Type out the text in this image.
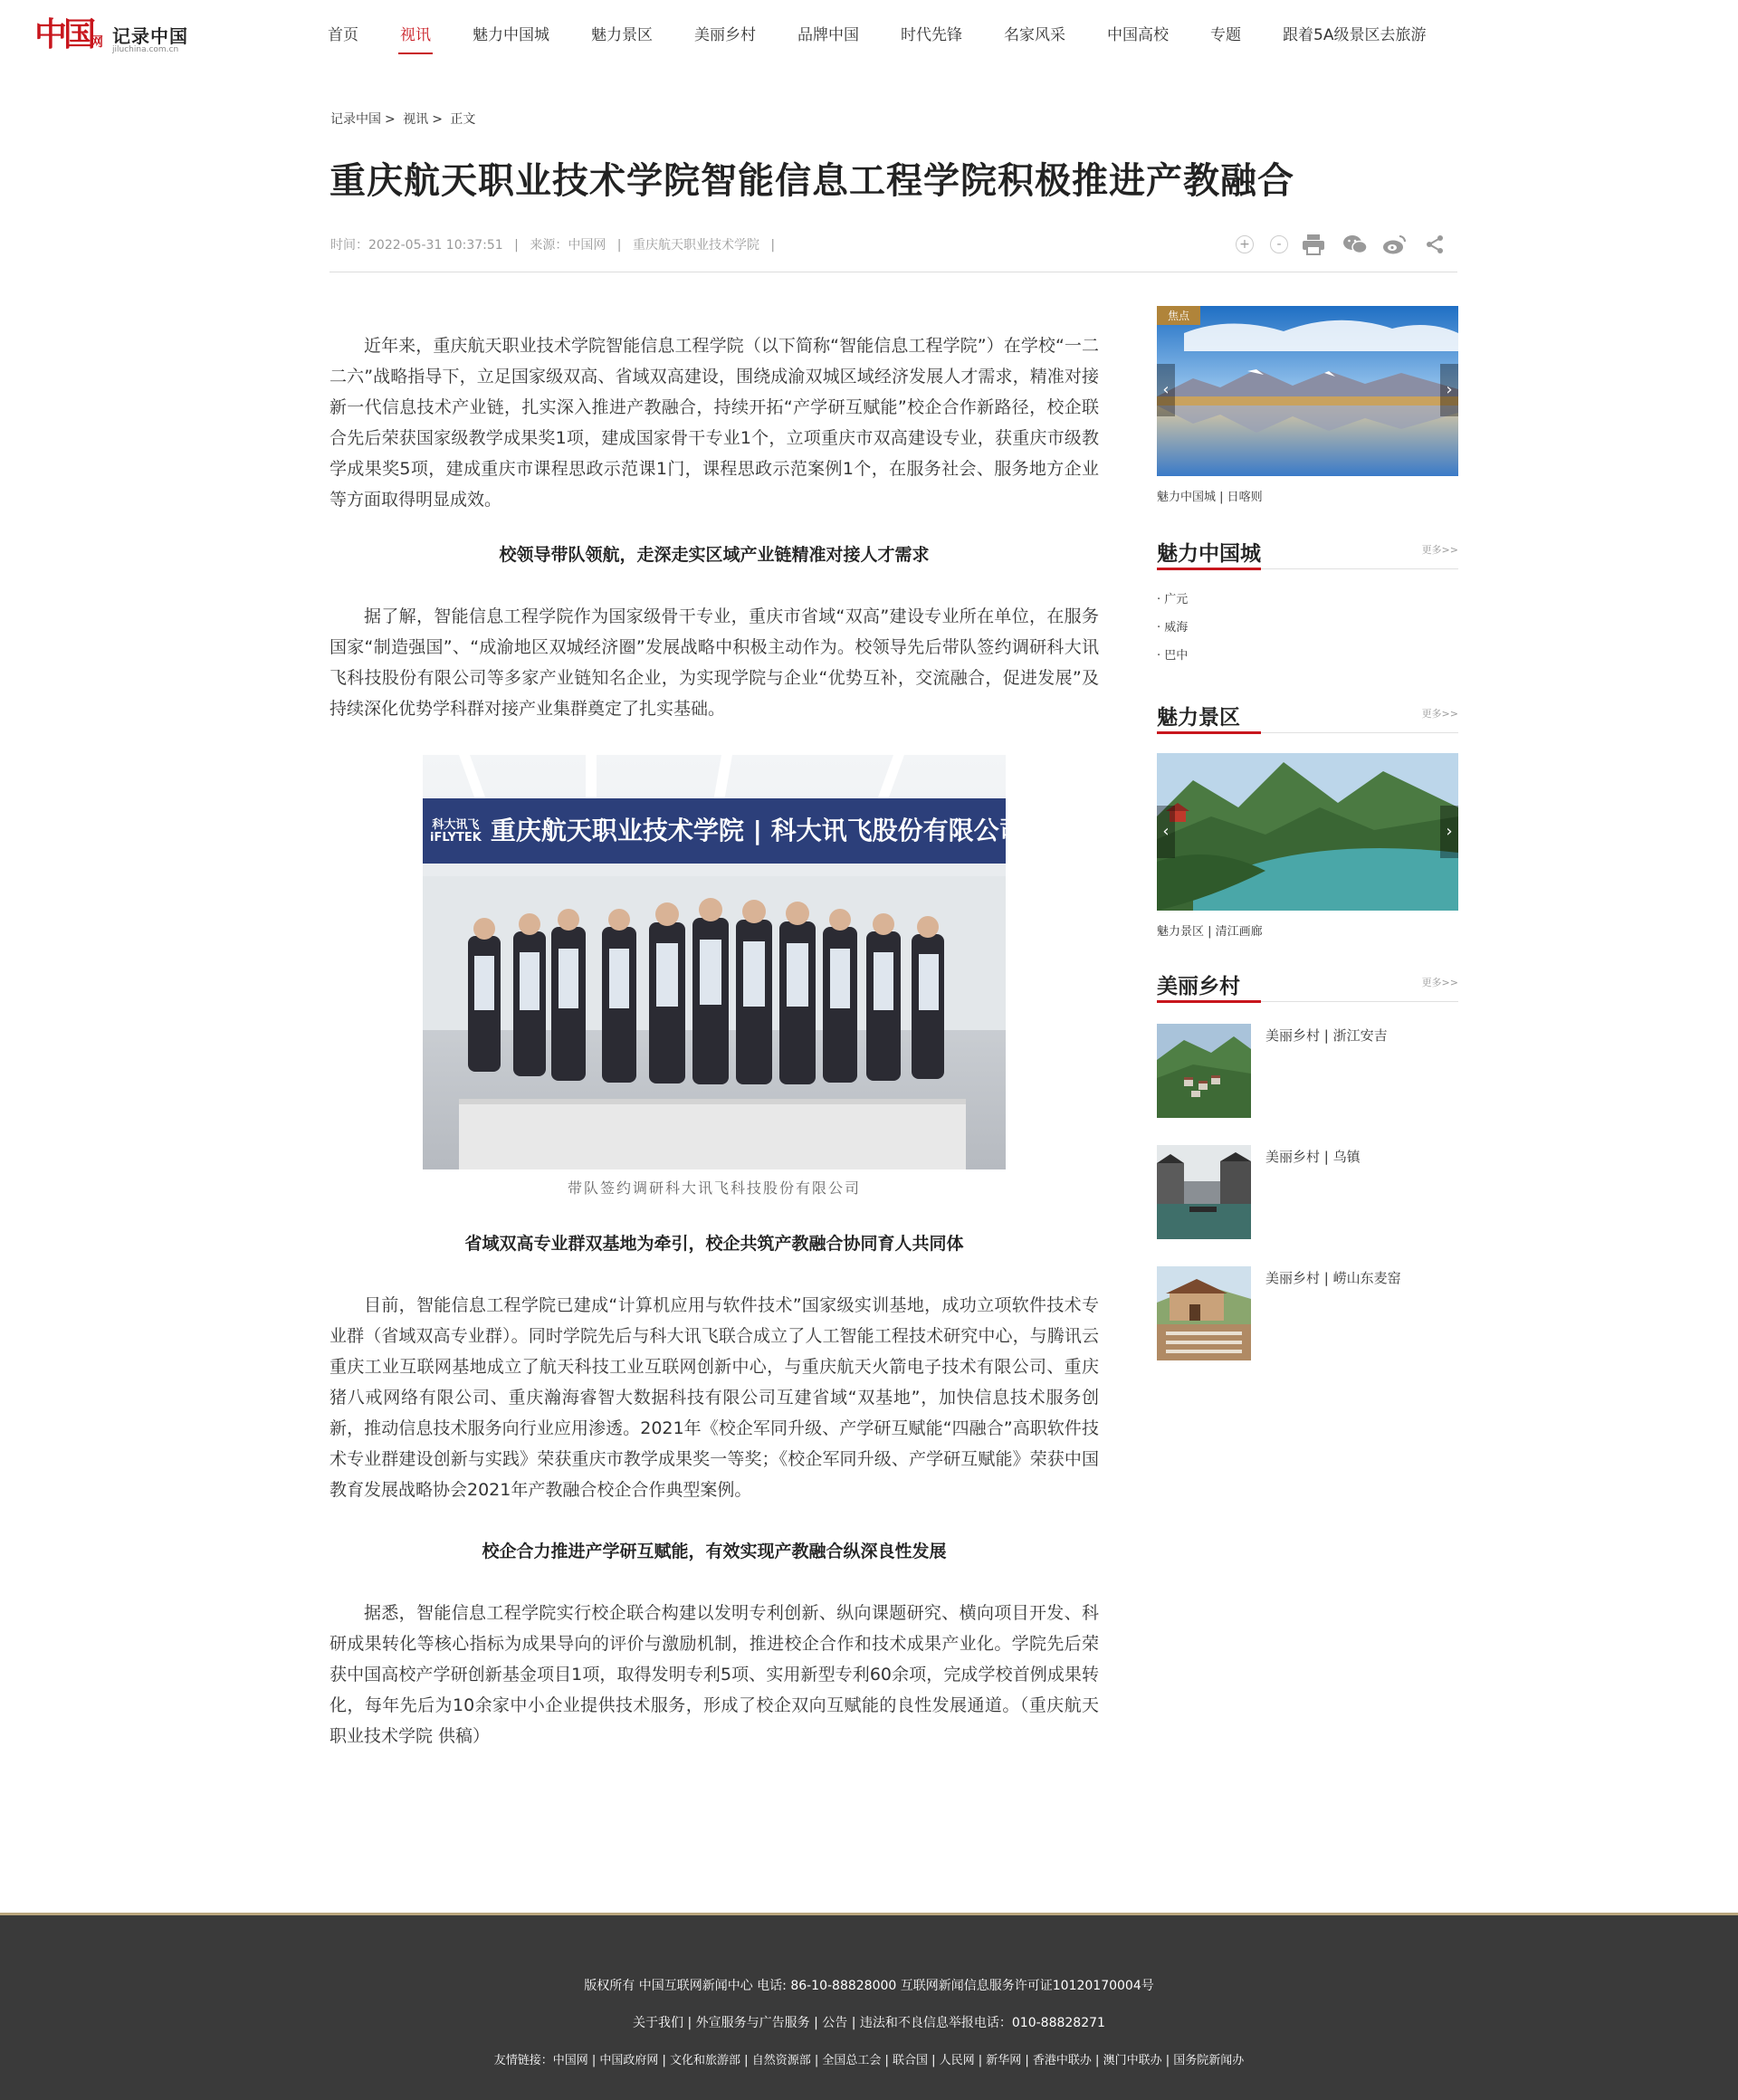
中国
网 记录中国
jiluchina.com.cn
首页	视讯	魅力中国城	魅力景区	美丽乡村	品牌中国	时代先锋	名家风采	中国高校	专题	跟着5A级景区去旅游
记录中国 > 视讯 > 正文
重庆航天职业技术学院智能信息工程学院积极推进产教融合
时间：2022-05-31 10:37:51 | 来源：中国网 | 重庆航天职业技术学院 |	+	-

近年来，重庆航天职业技术学院智能信息工程学院（以下简称“智能信息工程学院”）在学校“一二二六”战略指导下，立足国家级双高、省域双高建设，围绕成渝双城区域经济发展人才需求，精准对接新一代信息技术产业链，扎实深入推进产教融合，持续开拓“产学研互赋能”校企合作新路径，校企联合先后荣获国家级教学成果奖1项，建成国家骨干专业1个，立项重庆市双高建设专业，获重庆市级教学成果奖5项，建成重庆市课程思政示范课1门，课程思政示范案例1个，在服务社会、服务地方企业等方面取得明显成效。

校领导带队领航，走深走实区域产业链精准对接人才需求

据了解，智能信息工程学院作为国家级骨干专业，重庆市省域“双高”建设专业所在单位，在服务国家“制造强国”、“成渝地区双城经济圈”发展战略中积极主动作为。校领导先后带队签约调研科大讯飞科技股份有限公司等多家产业链知名企业，为实现学院与企业“优势互补，交流融合，促进发展”及持续深化优势学科群对接产业集群奠定了扎实基础。

科大讯飞
iFLYTEK 重庆航天职业技术学院 | 科大讯飞股份有限公司 合作

带队签约调研科大讯飞科技股份有限公司

省域双高专业群双基地为牵引，校企共筑产教融合协同育人共同体

目前，智能信息工程学院已建成“计算机应用与软件技术”国家级实训基地，成功立项软件技术专业群（省域双高专业群）。同时学院先后与科大讯飞联合成立了人工智能工程技术研究中心，与腾讯云重庆工业互联网基地成立了航天科技工业互联网创新中心，与重庆航天火箭电子技术有限公司、重庆猪八戒网络有限公司、重庆瀚海睿智大数据科技有限公司互建省域“双基地”，加快信息技术服务创新，推动信息技术服务向行业应用渗透。2021年《校企军同升级、产学研互赋能“四融合”高职软件技术专业群建设创新与实践》荣获重庆市教学成果奖一等奖；《校企军同升级、产学研互赋能》荣获中国教育发展战略协会2021年产教融合校企合作典型案例。

校企合力推进产学研互赋能，有效实现产教融合纵深良性发展

据悉，智能信息工程学院实行校企联合构建以发明专利创新、纵向课题研究、横向项目开发、科研成果转化等核心指标为成果导向的评价与激励机制，推进校企合作和技术成果产业化。学院先后荣获中国高校产学研创新基金项目1项，取得发明专利5项、实用新型专利60余项，完成学校首例成果转化，每年先后为10余家中小企业提供技术服务，形成了校企双向互赋能的良性发展通道。（重庆航天职业技术学院 供稿）

焦点
‹	›

魅力中国城 | 日喀则

魅力中国城	更多>>

· 广元

· 威海

· 巴中

魅力景区	更多>>
‹	›

魅力景区 | 清江画廊

美丽乡村	更多>>
美丽乡村 | 浙江安吉
美丽乡村 | 乌镇
美丽乡村 | 崂山东麦窑

版权所有 中国互联网新闻中心 电话: 86-10-88828000 互联网新闻信息服务许可证10120170004号

关于我们 | 外宣服务与广告服务 | 公告 | 违法和不良信息举报电话：010-88828271

友情链接：中国网 | 中国政府网 | 文化和旅游部 | 自然资源部 | 全国总工会 | 联合国 | 人民网 | 新华网 | 香港中联办 | 澳门中联办 | 国务院新闻办
